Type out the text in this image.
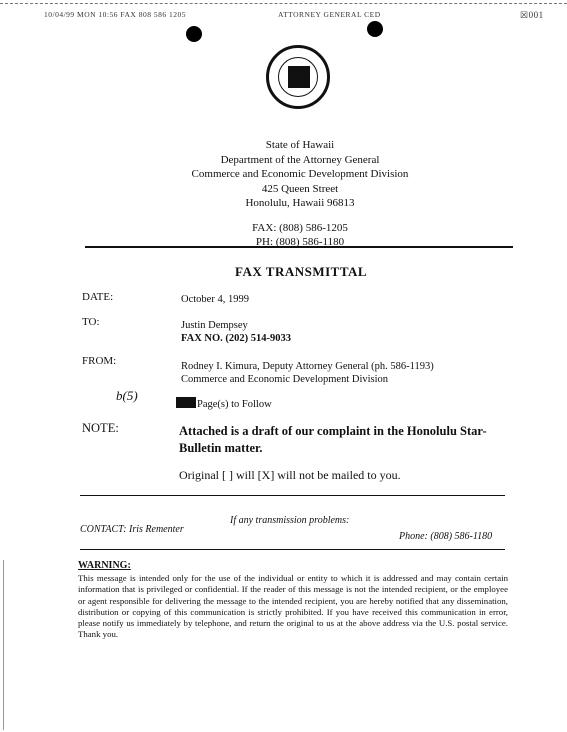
10/04/99 MON 10:56 FAX 808 586 1205	ATTORNEY GENERAL CED	☒001
State of Hawaii
Department of the Attorney General
Commerce and Economic Development Division
425 Queen Street
Honolulu, Hawaii 96813
FAX: (808) 586-1205
PH: (808) 586-1180
FAX TRANSMITTAL
DATE:	October 4, 1999
TO:	Justin Dempsey
FAX NO. (202) 514-9033
FROM:	Rodney I. Kimura, Deputy Attorney General (ph. 586-1193)
Commerce and Economic Development Division
b(5)
Page(s) to Follow
NOTE:	Attached is a draft of our complaint in the Honolulu Star-Bulletin matter.
Original [ ] will [X] will not be mailed to you.
If any transmission problems:
CONTACT: Iris Rementer
Phone: (808) 586-1180
WARNING:
This message is intended only for the use of the individual or entity to which it is addressed and may contain certain information that is privileged or confidential. If the reader of this message is not the intended recipient, or the employee or agent responsible for delivering the message to the intended recipient, you are hereby notified that any dissemination, distribution or copying of this communication is strictly prohibited. If you have received this communication in error, please notify us immediately by telephone, and return the original to us at the above address via the U.S. postal service. Thank you.
